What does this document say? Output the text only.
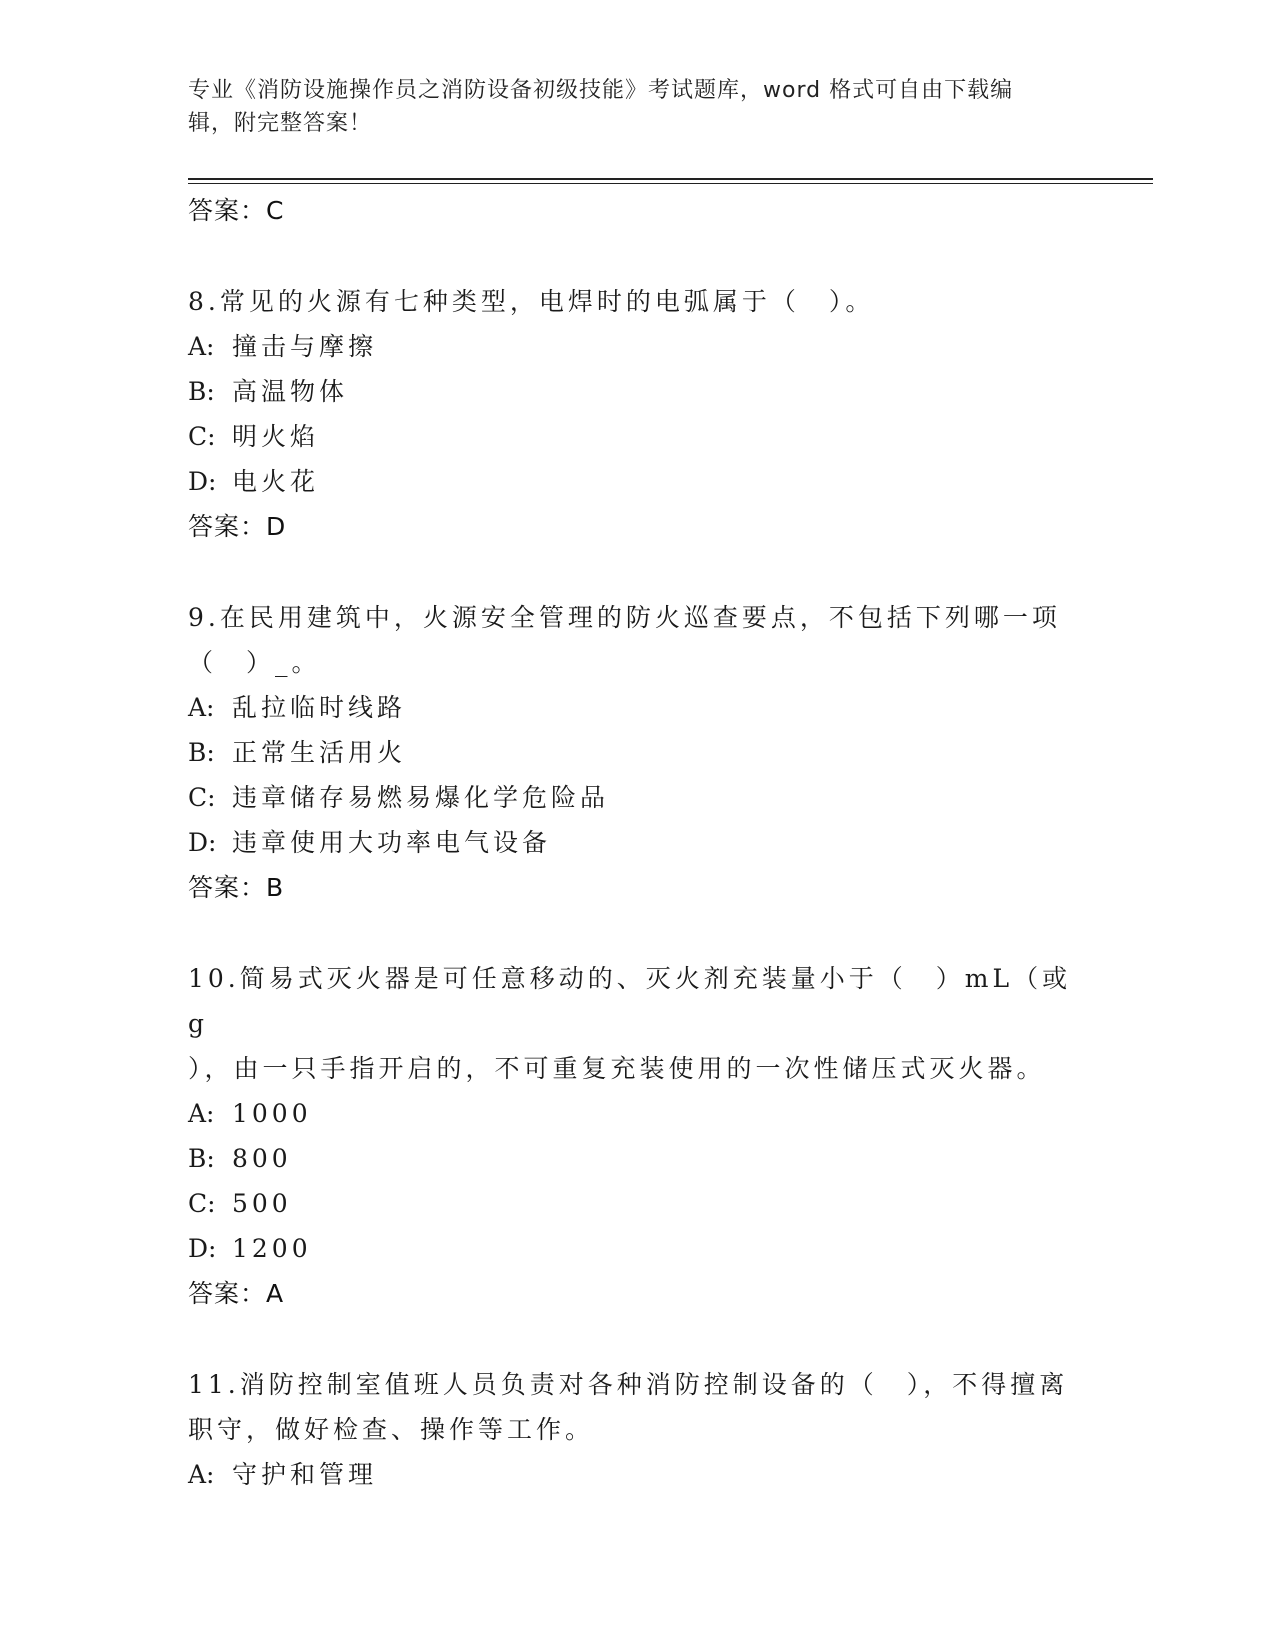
专业《消防设施操作员之消防设备初级技能》考试题库，word 格式可自由下载编
辑，附完整答案！
答案：C
8.常见的火源有七种类型，电焊时的电弧属于（　）。
A: 撞击与摩擦
B: 高温物体
C: 明火焰
D: 电火花
答案：D
9.在民用建筑中，火源安全管理的防火巡查要点，不包括下列哪一项
（　）_。
A: 乱拉临时线路
B: 正常生活用火
C: 违章储存易燃易爆化学危险品
D: 违章使用大功率电气设备
答案：B
10.简易式灭火器是可任意移动的、灭火剂充装量小于（　）mL（或 g
），由一只手指开启的，不可重复充装使用的一次性储压式灭火器。
A: 1000
B: 800
C: 500
D: 1200
答案：A
11.消防控制室值班人员负责对各种消防控制设备的（　），不得擅离
职守，做好检查、操作等工作。
A: 守护和管理
